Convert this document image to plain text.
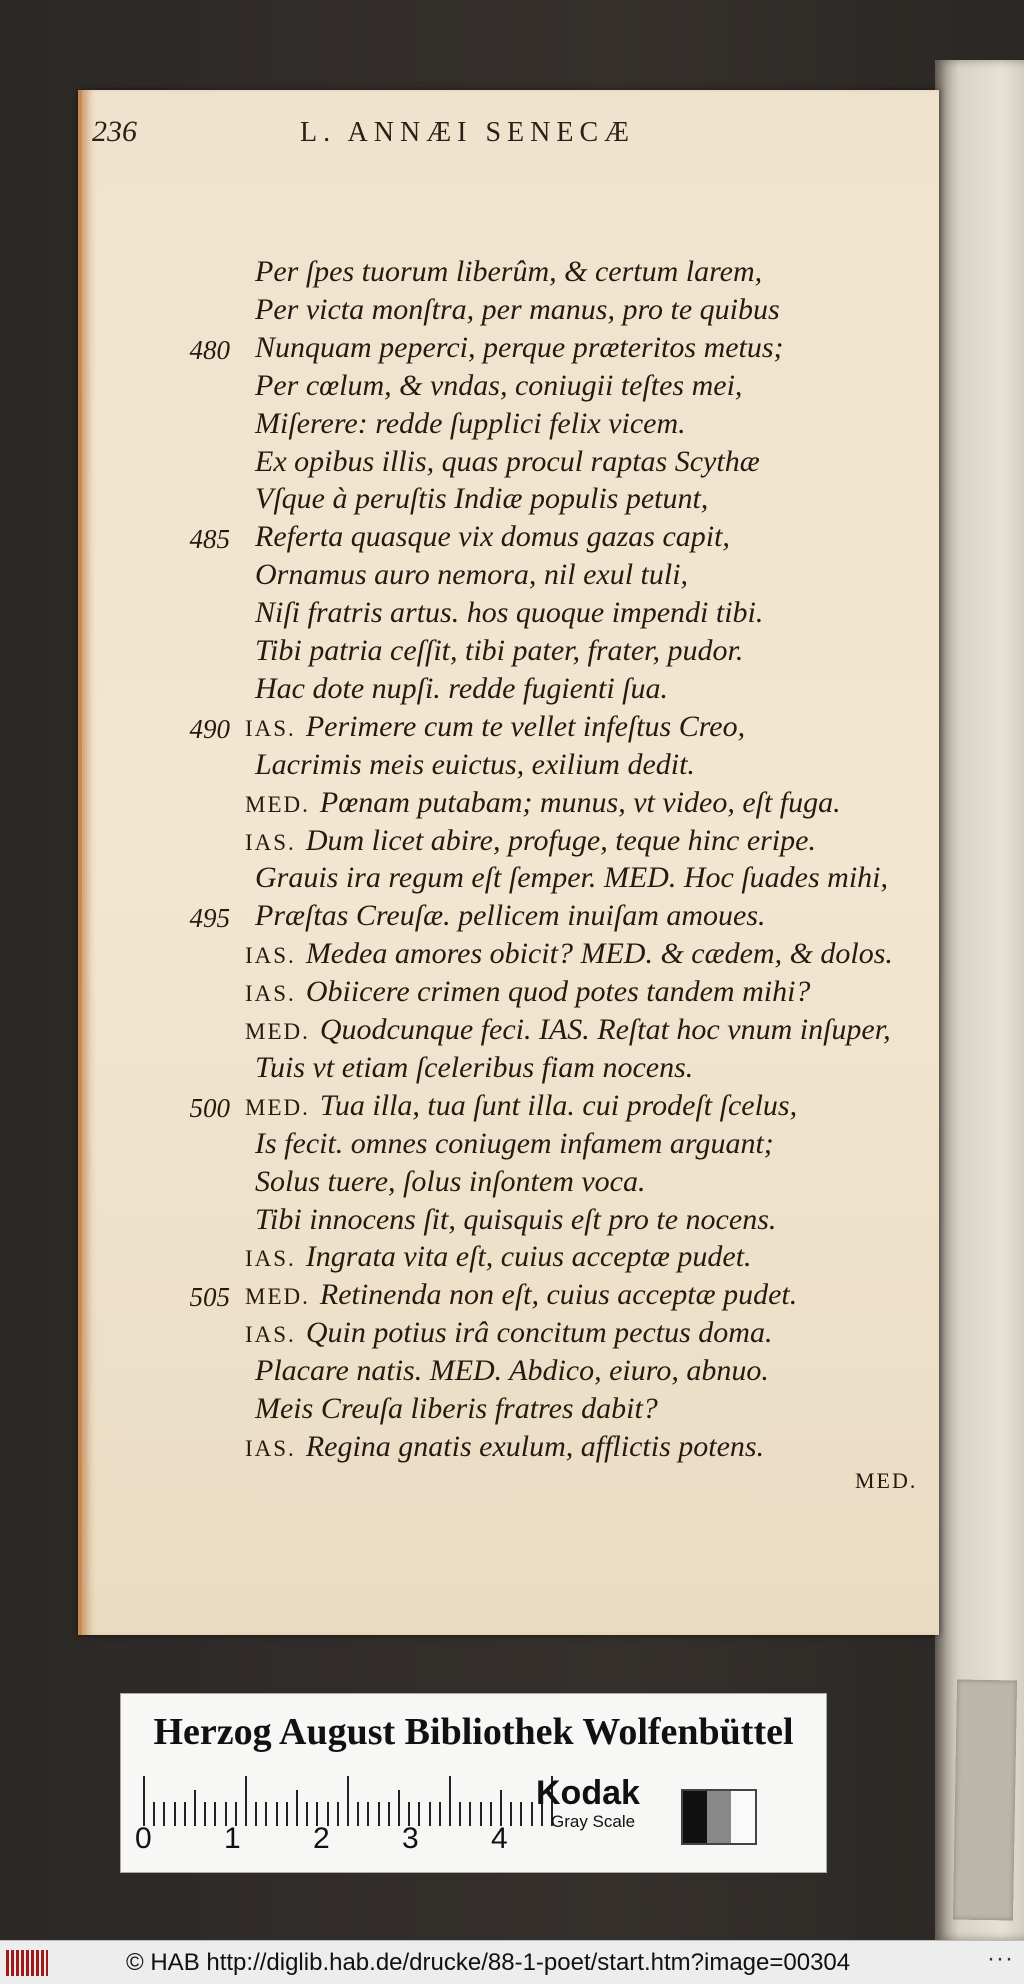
236	L. ANNÆI SENECÆ
Per ſpes tuorum liberûm, & certum larem,
Per victa monſtra, per manus, pro te quibus
480 Nunquam peperci, perque præteritos metus;
Per cœlum, & vndas, coniugii teſtes mei,
Miſerere: redde ſupplici felix vicem.
Ex opibus illis, quas procul raptas Scythæ
Vſque à peruſtis Indiæ populis petunt,
485 Referta quasque vix domus gazas capit,
Ornamus auro nemora, nil exul tuli,
Niſi fratris artus. hos quoque impendi tibi.
Tibi patria ceſſit, tibi pater, frater, pudor.
Hac dote nupſi. redde fugienti ſua.
490 IAS. Perimere cum te vellet infeſtus Creo,
Lacrimis meis euictus, exilium dedit.
MED. Pœnam putabam; munus, vt video, eſt fuga.
IAS. Dum licet abire, profuge, teque hinc eripe.
Grauis ira regum eſt ſemper. MED. Hoc ſuades mihi,
495 Præſtas Creuſæ. pellicem inuiſam amoues.
IAS. Medea amores obicit? MED. & cædem, & dolos.
IAS. Obiicere crimen quod potes tandem mihi?
MED. Quodcunque feci. IAS. Reſtat hoc vnum inſuper,
Tuis vt etiam ſceleribus fiam nocens.
500 MED. Tua illa, tua ſunt illa. cui prodeſt ſcelus,
Is fecit. omnes coniugem infamem arguant;
Solus tuere, ſolus inſontem voca.
Tibi innocens ſit, quisquis eſt pro te nocens.
IAS. Ingrata vita eſt, cuius acceptæ pudet.
505 MED. Retinenda non eſt, cuius acceptæ pudet.
IAS. Quin potius irâ concitum pectus doma.
Placare natis. MED. Abdico, eiuro, abnuo.
Meis Creuſa liberis fratres dabit?
IAS. Regina gnatis exulum, afflictis potens.
MED.
Herzog August Bibliothek Wolfenbüttel
0 1 2 3 4
Kodak
Gray Scale
© HAB http://diglib.hab.de/drucke/88-1-poet/start.htm?image=00304	···
